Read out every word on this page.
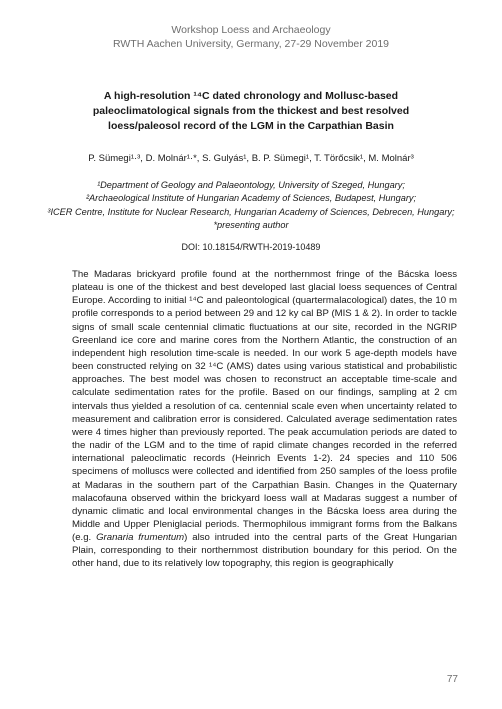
Workshop Loess and Archaeology
RWTH Aachen University, Germany, 27-29 November 2019
A high-resolution ¹⁴C dated chronology and Mollusc-based paleoclimatological signals from the thickest and best resolved loess/paleosol record of the LGM in the Carpathian Basin
P. Sümegi¹·³, D. Molnár¹·*, S. Gulyás¹, B. P. Sümegi¹, T. Törőcsik¹, M. Molnár³
¹Department of Geology and Palaeontology, University of Szeged, Hungary;
²Archaeological Institute of Hungarian Academy of Sciences, Budapest, Hungary;
³ICER Centre, Institute for Nuclear Research, Hungarian Academy of Sciences, Debrecen, Hungary; *presenting author
DOI: 10.18154/RWTH-2019-10489

The Madaras brickyard profile found at the northernmost fringe of the Bácska loess plateau is one of the thickest and best developed last glacial loess sequences of Central Europe. According to initial ¹⁴C and paleontological (quartermalacological) dates, the 10 m profile corresponds to a period between 29 and 12 ky cal BP (MIS 1 & 2). In order to tackle signs of small scale centennial climatic fluctuations at our site, recorded in the NGRIP Greenland ice core and marine cores from the Northern Atlantic, the construction of an independent high resolution time-scale is needed. In our work 5 age-depth models have been constructed relying on 32 ¹⁴C (AMS) dates using various statistical and probabilistic approaches. The best model was chosen to reconstruct an acceptable time-scale and calculate sedimentation rates for the profile. Based on our findings, sampling at 2 cm intervals thus yielded a resolution of ca. centennial scale even when uncertainty related to measurement and calibration error is considered. Calculated average sedimentation rates were 4 times higher than previously reported. The peak accumulation periods are dated to the nadir of the LGM and to the time of rapid climate changes recorded in the referred international paleoclimatic records (Heinrich Events 1-2). 24 species and 110 506 specimens of molluscs were collected and identified from 250 samples of the loess profile at Madaras in the southern part of the Carpathian Basin. Changes in the Quaternary malacofauna observed within the brickyard loess wall at Madaras suggest a number of dynamic climatic and local environmental changes in the Bácska loess area during the Middle and Upper Pleniglacial periods. Thermophilous immigrant forms from the Balkans (e.g. Granaria frumentum) also intruded into the central parts of the Great Hungarian Plain, corresponding to their northernmost distribution boundary for this period. On the other hand, due to its relatively low topography, this region is geographically

77
